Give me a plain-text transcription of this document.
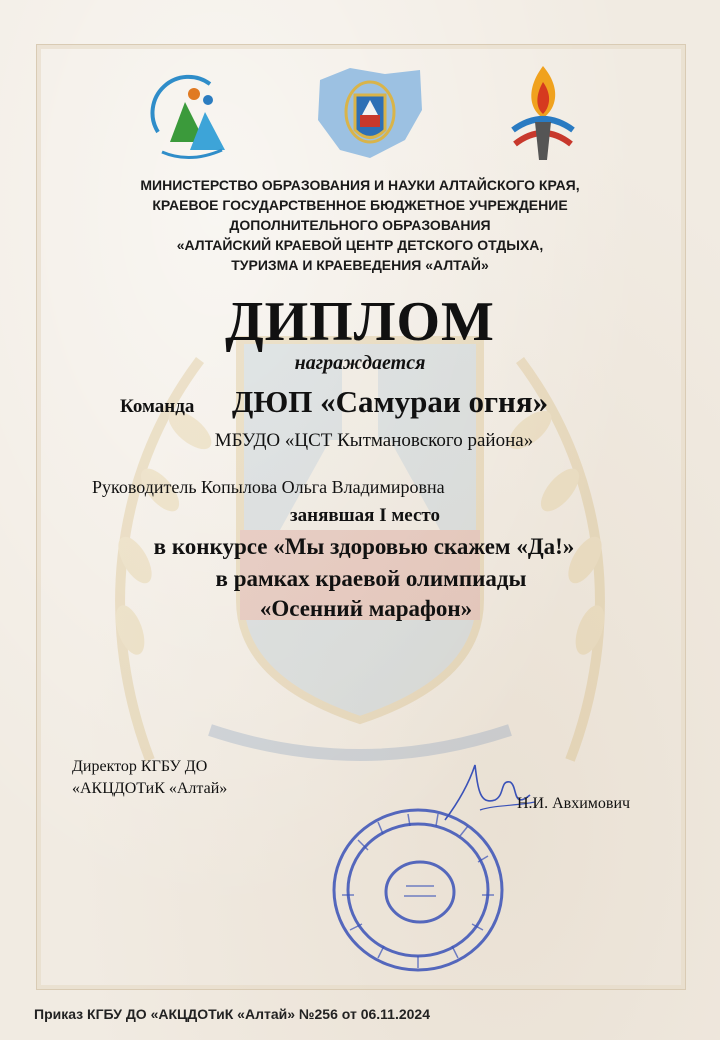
МИНИСТЕРСТВО ОБРАЗОВАНИЯ И НАУКИ АЛТАЙСКОГО КРАЯ,
КРАЕВОЕ ГОСУДАРСТВЕННОЕ БЮДЖЕТНОЕ УЧРЕЖДЕНИЕ
ДОПОЛНИТЕЛЬНОГО ОБРАЗОВАНИЯ
«АЛТАЙСКИЙ КРАЕВОЙ ЦЕНТР ДЕТСКОГО ОТДЫХА,
ТУРИЗМА И КРАЕВЕДЕНИЯ «АЛТАЙ»
ДИПЛОМ
награждается
Команда ДЮП «Самураи огня»
МБУДО «ЦСТ Кытмановского района»
Руководитель Копылова Ольга Владимировна
занявшая I место
в конкурсе «Мы здоровью скажем «Да!»
в рамках краевой олимпиады
«Осенний марафон»
Директор КГБУ ДО
«АКЦДОТиК «Алтай»
Н.И. Авхимович
Приказ КГБУ ДО «АКЦДОТиК «Алтай» №256 от 06.11.2024
